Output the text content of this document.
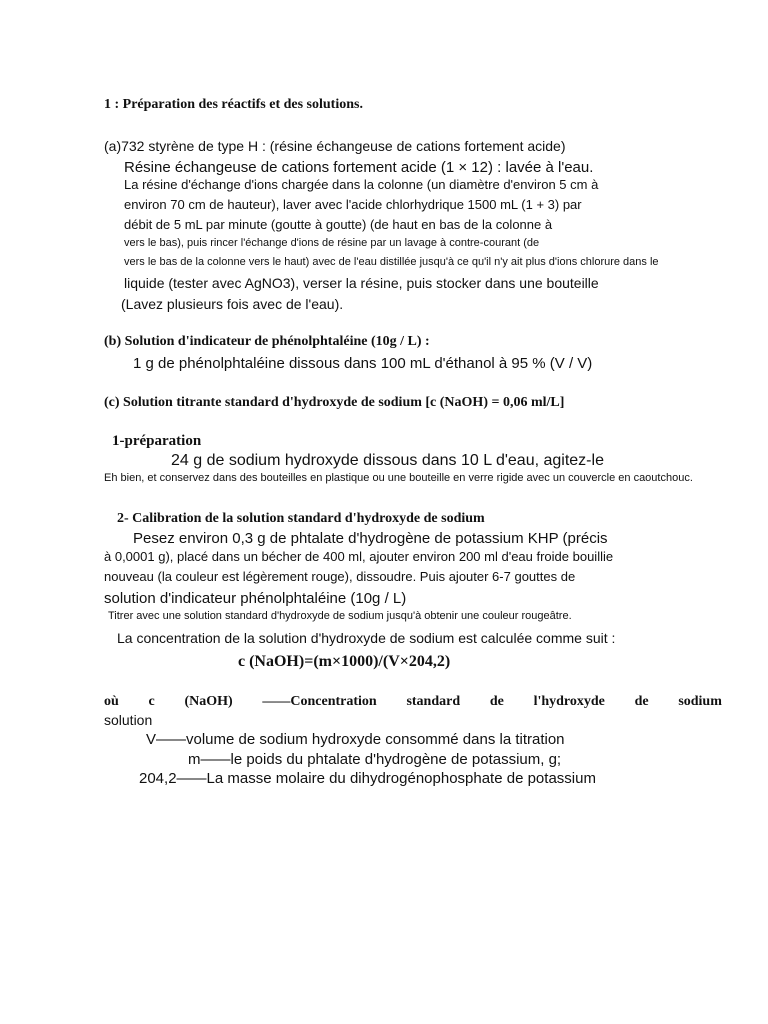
1 : Préparation des réactifs et des solutions.
(a)732 styrène de type H : (résine échangeuse de cations fortement acide)
Résine échangeuse de cations fortement acide (1 × 12) : lavée à l'eau.
La résine d'échange d'ions chargée dans la colonne (un diamètre d'environ 5 cm à
environ 70 cm de hauteur), laver avec l'acide chlorhydrique 1500 mL (1 + 3) par
débit de 5 mL par minute (goutte à goutte) (de haut en bas de la colonne à
vers le bas), puis rincer l'échange d'ions de résine par un lavage à contre-courant (de
vers le bas de la colonne vers le haut) avec de l'eau distillée jusqu'à ce qu'il n'y ait plus d'ions chlorure dans le
liquide (tester avec AgNO3), verser la résine, puis stocker dans une bouteille
(Lavez plusieurs fois avec de l'eau).
(b) Solution d'indicateur de phénolphtaléine (10g / L) :
1 g de phénolphtaléine dissous dans 100 mL d'éthanol à 95 % (V / V)
(c) Solution titrante standard d'hydroxyde de sodium [c (NaOH) = 0,06 ml/L]
1-préparation
24 g de sodium hydroxyde dissous dans 10 L d'eau, agitez-le
Eh bien, et conservez dans des bouteilles en plastique ou une bouteille en verre rigide avec un couvercle en caoutchouc.
2- Calibration de la solution standard d'hydroxyde de sodium
Pesez environ 0,3 g de phtalate d'hydrogène de potassium KHP (précis
à 0,0001 g), placé dans un bécher de 400 ml, ajouter environ 200 ml d'eau froide bouillie
nouveau (la couleur est légèrement rouge), dissoudre. Puis ajouter 6-7 gouttes de
solution d'indicateur phénolphtaléine (10g / L)
Titrer avec une solution standard d'hydroxyde de sodium jusqu'à obtenir une couleur rougeâtre.
La concentration de la solution d'hydroxyde de sodium est calculée comme suit :
c (NaOH)=(m×1000)/(V×204,2)
où c (NaOH) ——Concentration standard de l'hydroxyde de sodium
solution
V——volume de sodium hydroxyde consommé dans la titration
m——le poids du phtalate d'hydrogène de potassium, g;
204,2——La masse molaire du dihydrogénophosphate de potassium
